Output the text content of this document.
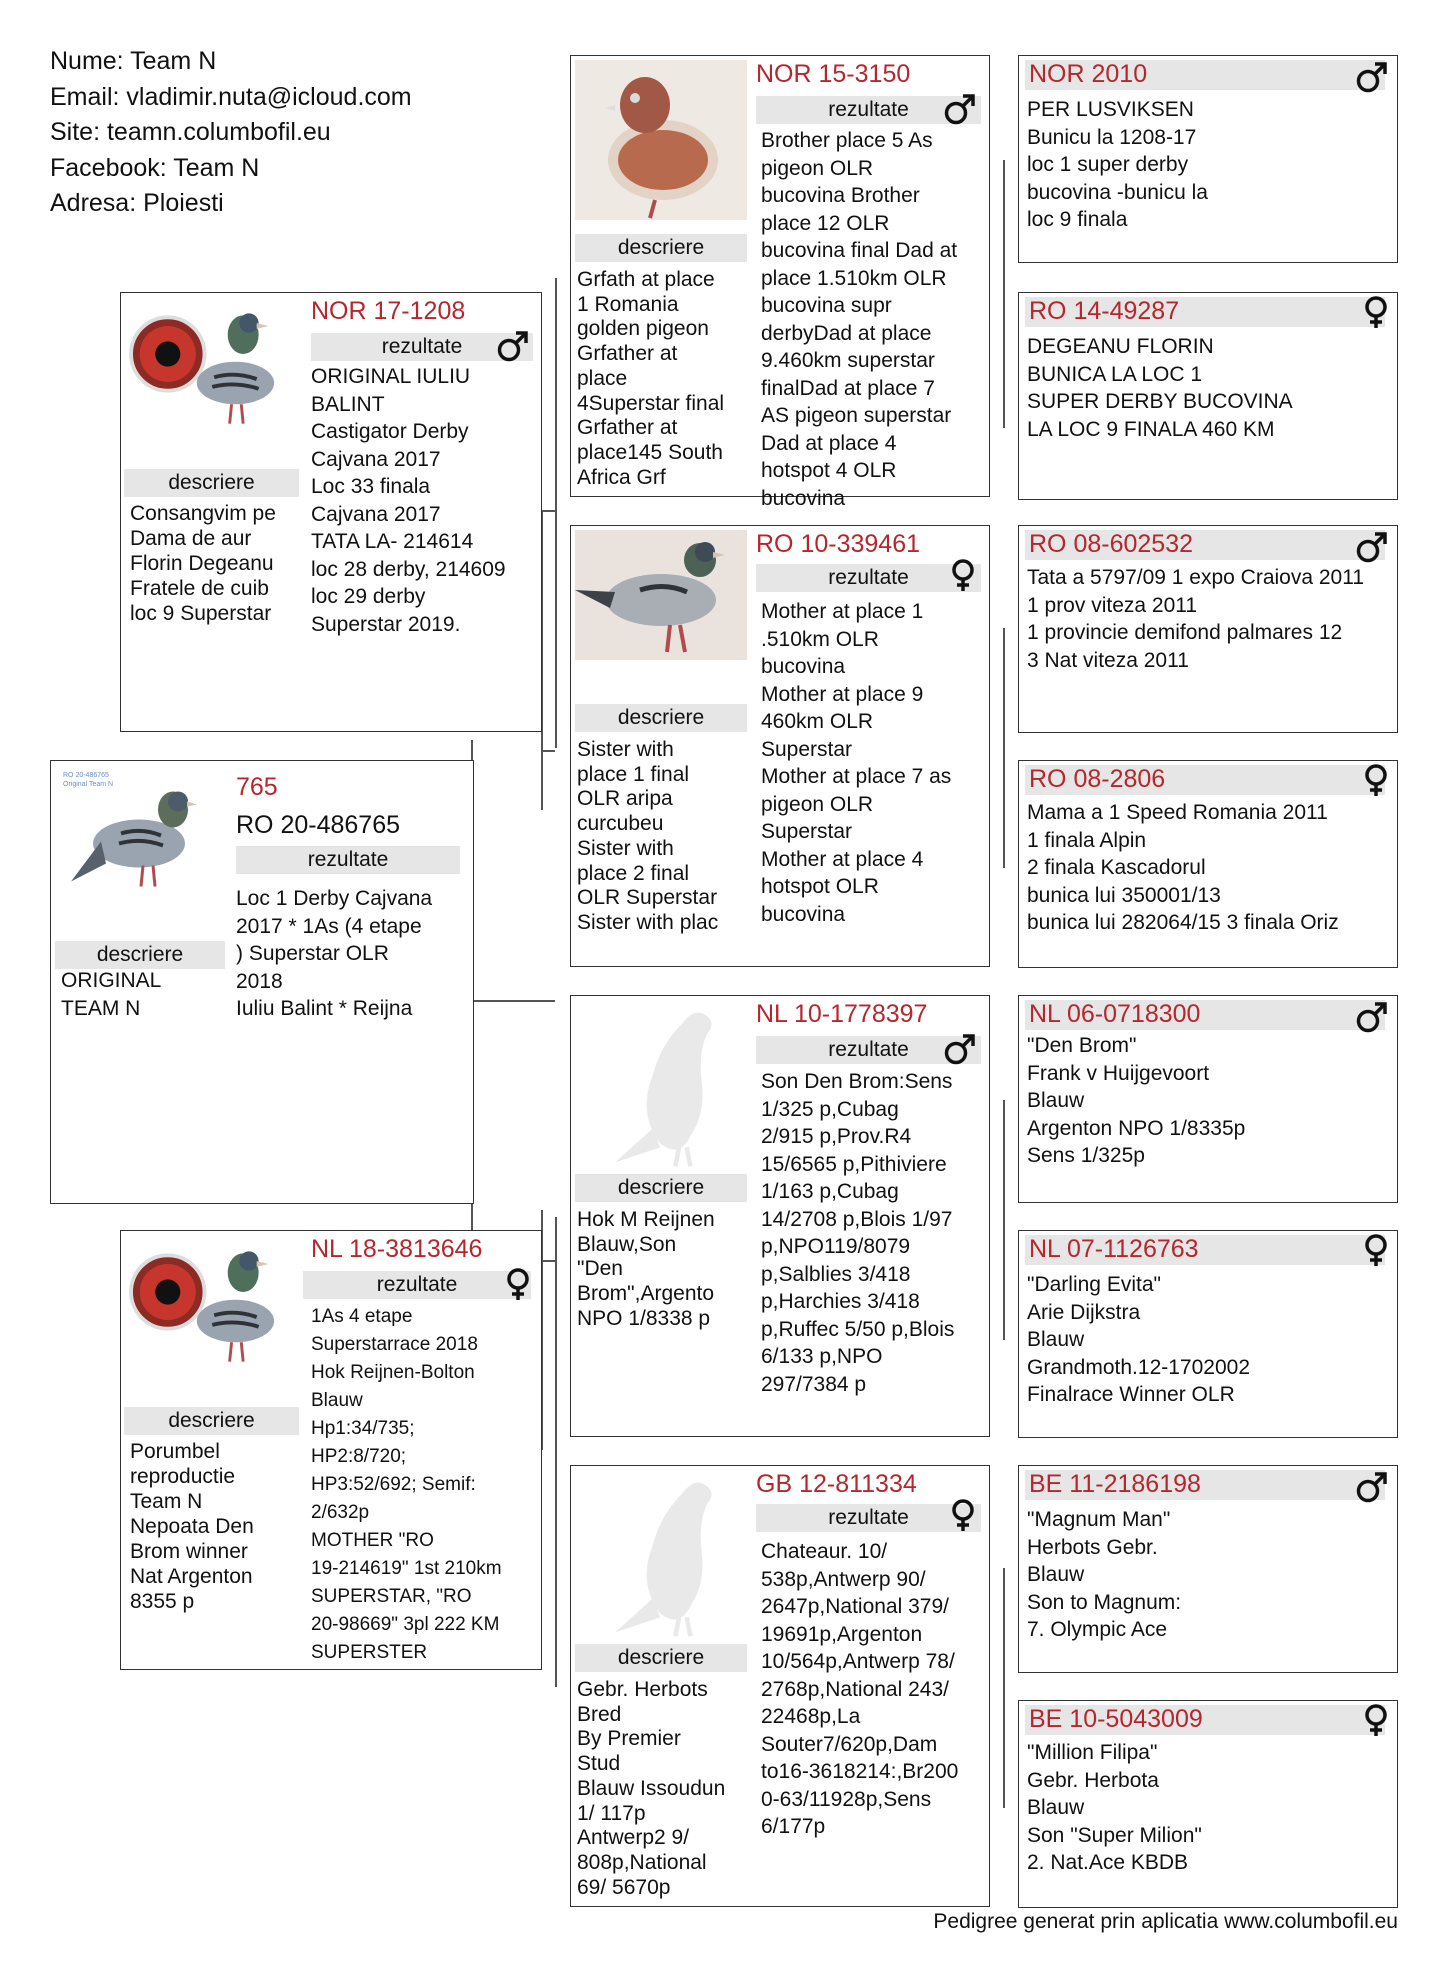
Nume: Team N
Email: vladimir.nuta@icloud.com
Site: teamn.columbofil.eu
Facebook: Team N
Adresa: Ploiesti
RO 20-486765
Original Team N	765
RO 20-486765
rezultate
Loc 1 Derby Cajvana
2017 * 1As (4 etape
) Superstar OLR
2018
Iuliu Balint * Reijna
descriere
ORIGINAL
TEAM N
NOR 17-1208
rezultate
ORIGINAL IULIU
BALINT
Castigator Derby
Cajvana 2017
Loc 33 finala
Cajvana 2017
TATA LA- 214614
loc 28 derby, 214609
loc 29 derby
Superstar 2019.
descriere
Consangvim pe
Dama de aur
Florin Degeanu
Fratele de cuib
loc 9 Superstar
NL 18-3813646
rezultate
1As 4 etape
Superstarrace 2018
Hok Reijnen-Bolton
Blauw
Hp1:34/735;
HP2:8/720;
HP3:52/692; Semif:
2/632p
MOTHER "RO
19-214619" 1st 210km
SUPERSTAR, "RO
20-98669" 3pl 222 KM
SUPERSTER
descriere
Porumbel
reproductie
Team N
Nepoata Den
Brom winner
Nat Argenton
8355 p
NOR 15-3150
rezultate
Brother place 5 As
pigeon OLR
bucovina Brother
place 12 OLR
bucovina final Dad at
place 1.510km OLR
bucovina supr
derbyDad at place
9.460km superstar
finalDad at place 7
AS pigeon superstar
Dad at place 4
hotspot 4 OLR
bucovina
descriere
Grfath at place
1 Romania
golden pigeon
Grfather at
place
4Superstar final
Grfather at
place145 South
Africa Grf
RO 10-339461
rezultate
Mother at place 1
.510km OLR
bucovina
Mother at place 9
460km OLR
Superstar
Mother at place 7 as
pigeon OLR
Superstar
Mother at place 4
hotspot OLR
bucovina
descriere
Sister with
place 1 final
OLR aripa
curcubeu
Sister with
place 2 final
OLR Superstar
Sister with plac
NL 10-1778397
rezultate
Son Den Brom:Sens
1/325 p,Cubag
2/915 p,Prov.R4
15/6565 p,Pithiviere
1/163 p,Cubag
14/2708 p,Blois 1/97
p,NPO119/8079
p,Salblies 3/418
p,Harchies 3/418
p,Ruffec 5/50 p,Blois
6/133 p,NPO
297/7384 p
descriere
Hok M Reijnen
Blauw,Son
"Den
Brom",Argento
NPO 1/8338 p
GB 12-811334
rezultate
Chateaur. 10/
538p,Antwerp 90/
2647p,National 379/
19691p,Argenton
10/564p,Antwerp 78/
2768p,National 243/
22468p,La
Souter7/620p,Dam
to16-3618214:,Br200
0-63/11928p,Sens
6/177p
descriere
Gebr. Herbots
Bred
By Premier
Stud
Blauw Issoudun
1/ 117p
Antwerp2 9/
808p,National
69/ 5670p
NOR 2010
PER LUSVIKSEN
Bunicu la 1208-17
loc 1 super derby
bucovina -bunicu la
loc 9 finala
RO 14-49287
DEGEANU FLORIN
BUNICA LA LOC 1
SUPER DERBY BUCOVINA
LA LOC 9 FINALA 460 KM
RO 08-602532
Tata a 5797/09 1 expo Craiova 2011
1 prov viteza 2011
1 provincie demifond palmares 12
3 Nat viteza 2011
RO 08-2806
Mama a 1 Speed Romania 2011
1 finala Alpin
2 finala Kascadorul
bunica lui 350001/13
bunica lui 282064/15 3 finala Oriz
NL 06-0718300
"Den Brom"
Frank v Huijgevoort
Blauw
Argenton NPO 1/8335p
Sens 1/325p
NL 07-1126763
"Darling Evita"
Arie Dijkstra
Blauw
Grandmoth.12-1702002
Finalrace Winner OLR
BE 11-2186198
"Magnum Man"
Herbots Gebr.
Blauw
Son to Magnum:
7. Olympic Ace
BE 10-5043009
"Million Filipa"
Gebr. Herbota
Blauw
Son "Super Milion"
2. Nat.Ace KBDB
Pedigree generat prin aplicatia www.columbofil.eu
